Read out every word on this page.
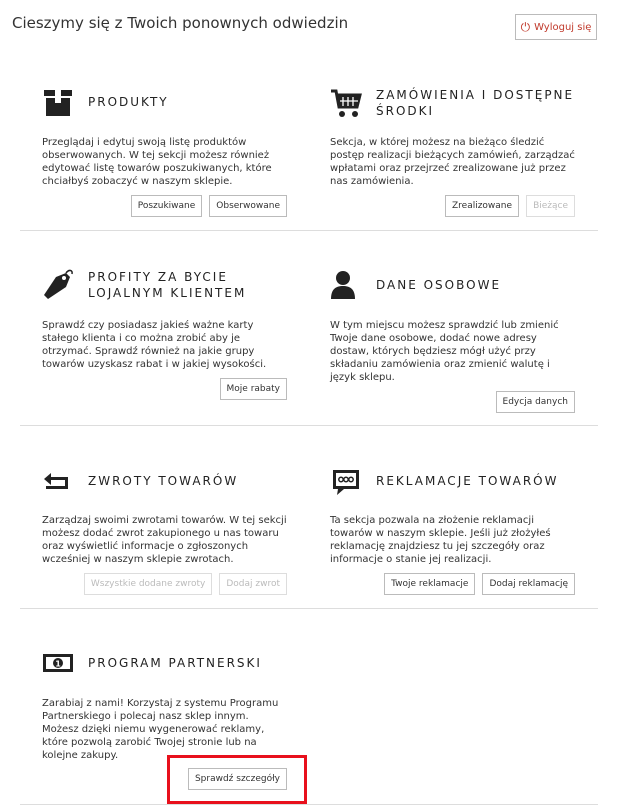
Cieszymy się z Twoich ponownych odwiedzin	⏻ Wyloguj się
PRODUKTY
Przeglądaj i edytuj swoją listę produktów obserwowanych. W tej sekcji możesz również edytować listę towarów poszukiwanych, które chciałbyś zobaczyć w naszym sklepie.
Poszukiwane	Obserwowane
ZAMÓWIENIA I DOSTĘPNE
ŚRODKI
Sekcja, w której możesz na bieżąco śledzić postęp realizacji bieżących zamówień, zarządzać wpłatami oraz przejrzeć zrealizowane już przez nas zamówienia.
Zrealizowane	Bieżące
PROFITY ZA BYCIE
LOJALNYM KLIENTEM
Sprawdź czy posiadasz jakieś ważne karty stałego klienta i co można zrobić aby je otrzymać. Sprawdź również na jakie grupy towarów uzyskasz rabat i w jakiej wysokości.
Moje rabaty
DANE OSOBOWE
W tym miejscu możesz sprawdzić lub zmienić Twoje dane osobowe, dodać nowe adresy dostaw, których będziesz mógł użyć przy składaniu zamówienia oraz zmienić walutę i język sklepu.
Edycja danych
ZWROTY TOWARÓW
Zarządzaj swoimi zwrotami towarów. W tej sekcji możesz dodać zwrot zakupionego u nas towaru oraz wyświetlić informacje o zgłoszonych wcześniej w naszym sklepie zwrotach.
Wszystkie dodane zwroty	Dodaj zwrot
REKLAMACJE TOWARÓW
Ta sekcja pozwala na złożenie reklamacji towarów w naszym sklepie. Jeśli już złożyłeś reklamację znajdziesz tu jej szczegóły oraz informacje o stanie jej realizacji.
Twoje reklamacje	Dodaj reklamację
1 PROGRAM PARTNERSKI
Zarabiaj z nami! Korzystaj z systemu Programu Partnerskiego i polecaj nasz sklep innym. Możesz dzięki niemu wygenerować reklamy, które pozwolą zarobić Twojej stronie lub na kolejne zakupy.
Sprawdź szczegóły
